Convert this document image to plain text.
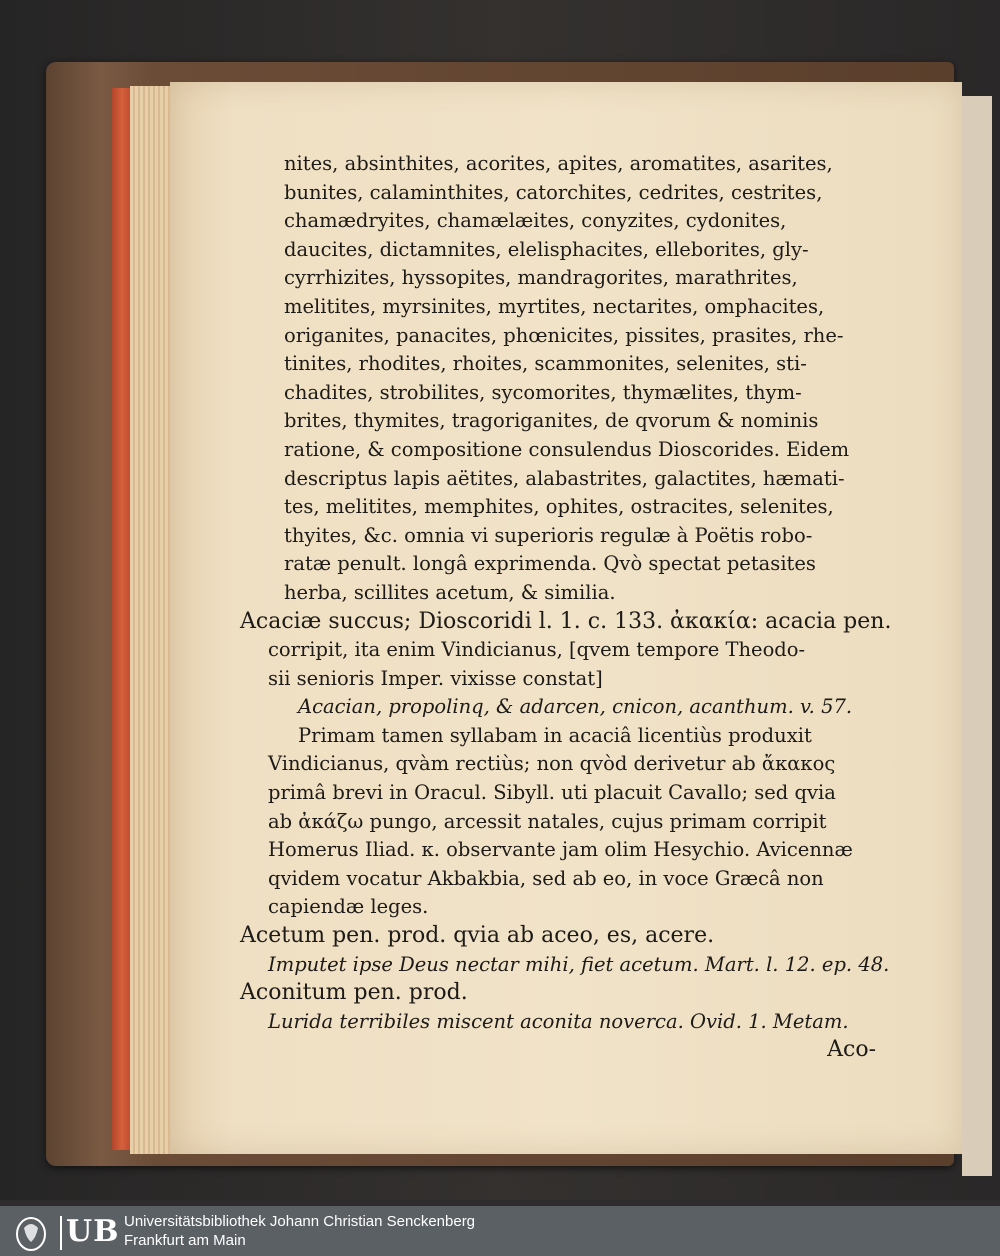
nites, absinthites, acorites, apites, aromatites, asarites,
bunites, calaminthites, catorchites, cedrites, cestrites,
chamædryites, chamælæites, conyzites, cydonites,
daucites, dictamnites, elelisphacites, elleborites, gly-
cyrrhizites, hyssopites, mandragorites, marathrites,
melitites, myrsinites, myrtites, nectarites, omphacites,
origanites, panacites, phœnicites, pissites, prasites, rhe-
tinites, rhodites, rhoites, scammonites, selenites, sti-
chadites, strobilites, sycomorites, thymælites, thym-
brites, thymites, tragoriganites, de qvorum & nominis
ratione, & compositione consulendus Dioscorides. Eidem
descriptus lapis aëtites, alabastrites, galactites, hæmati-
tes, melitites, memphites, ophites, ostracites, selenites,
thyites, &c. omnia vi superioris regulæ à Poëtis robo-
ratæ penult. longâ exprimenda. Qvò spectat petasites
herba, scillites acetum, & similia.
Acaciæ succus; Dioscoridi l. 1. c. 133. ἀκακία: acacia pen.
corripit, ita enim Vindicianus, [qvem tempore Theodo-
sii senioris Imper. vixisse constat]
Acacian, propolinq, & adarcen, cnicon, acanthum. v. 57.
Primam tamen syllabam in acaciâ licentiùs produxit
Vindicianus, qvàm rectiùs; non qvòd derivetur ab ἄκακος
primâ brevi in Oracul. Sibyll. uti placuit Cavallo; sed qvia
ab ἀκάζω pungo, arcessit natales, cujus primam corripit
Homerus Iliad. κ. observante jam olim Hesychio. Avicennæ
qvidem vocatur Akbakbia, sed ab eo, in voce Græcâ non
capiendæ leges.
Acetum pen. prod. qvia ab aceo, es, acere.
Imputet ipse Deus nectar mihi, fiet acetum. Mart. l. 12. ep. 48.
Aconitum pen. prod.
Lurida terribiles miscent aconita noverca. Ovid. 1. Metam.
Aco-
UB Universitätsbibliothek Johann Christian Senckenberg
Frankfurt am Main
